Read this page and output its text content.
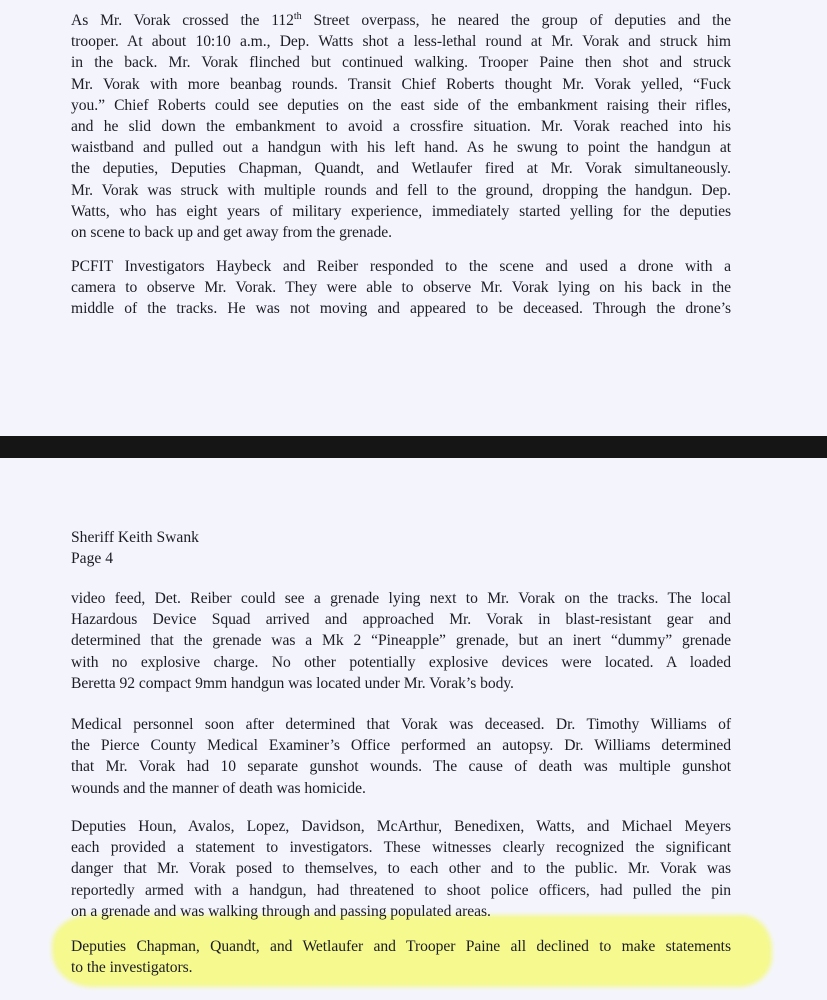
As Mr. Vorak crossed the 112th Street overpass, he neared the group of deputies and the
trooper. At about 10:10 a.m., Dep. Watts shot a less-lethal round at Mr. Vorak and struck him
in the back. Mr. Vorak flinched but continued walking. Trooper Paine then shot and struck
Mr. Vorak with more beanbag rounds. Transit Chief Roberts thought Mr. Vorak yelled, “Fuck
you.” Chief Roberts could see deputies on the east side of the embankment raising their rifles,
and he slid down the embankment to avoid a crossfire situation. Mr. Vorak reached into his
waistband and pulled out a handgun with his left hand. As he swung to point the handgun at
the deputies, Deputies Chapman, Quandt, and Wetlaufer fired at Mr. Vorak simultaneously.
Mr. Vorak was struck with multiple rounds and fell to the ground, dropping the handgun. Dep.
Watts, who has eight years of military experience, immediately started yelling for the deputies
on scene to back up and get away from the grenade.

PCFIT Investigators Haybeck and Reiber responded to the scene and used a drone with a
camera to observe Mr. Vorak. They were able to observe Mr. Vorak lying on his back in the
middle of the tracks. He was not moving and appeared to be deceased. Through the drone’s

Sheriff Keith Swank

Page 4

video feed, Det. Reiber could see a grenade lying next to Mr. Vorak on the tracks. The local
Hazardous Device Squad arrived and approached Mr. Vorak in blast-resistant gear and
determined that the grenade was a Mk 2 “Pineapple” grenade, but an inert “dummy” grenade
with no explosive charge. No other potentially explosive devices were located. A loaded
Beretta 92 compact 9mm handgun was located under Mr. Vorak’s body.

Medical personnel soon after determined that Vorak was deceased. Dr. Timothy Williams of
the Pierce County Medical Examiner’s Office performed an autopsy. Dr. Williams determined
that Mr. Vorak had 10 separate gunshot wounds. The cause of death was multiple gunshot
wounds and the manner of death was homicide.

Deputies Houn, Avalos, Lopez, Davidson, McArthur, Benedixen, Watts, and Michael Meyers
each provided a statement to investigators. These witnesses clearly recognized the significant
danger that Mr. Vorak posed to themselves, to each other and to the public. Mr. Vorak was
reportedly armed with a handgun, had threatened to shoot police officers, had pulled the pin
on a grenade and was walking through and passing populated areas.

Deputies Chapman, Quandt, and Wetlaufer and Trooper Paine all declined to make statements
to the investigators.
